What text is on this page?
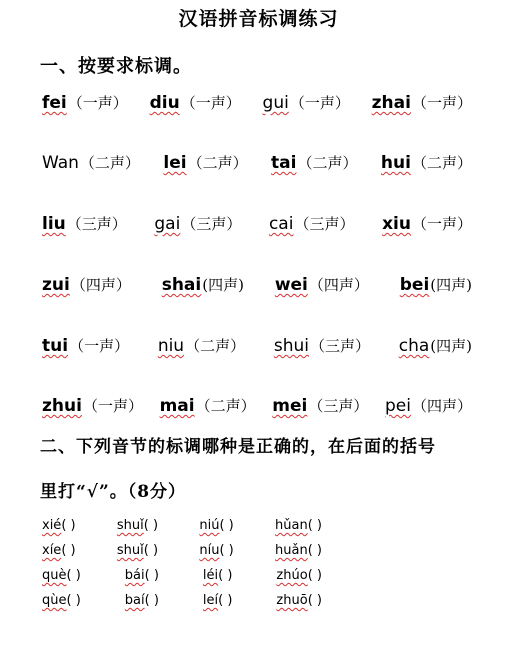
汉语拼音标调练习
一、按要求标调。
fei （一声） diu （一声） gui （一声） zhai （一声）
Wan （二声） lei （二声） tai （二声） hui （二声）
liu （三声） gai （三声） cai （三声） xiu （一声）
zui （四声） shai (四声) wei （四声） bei (四声)
tui （一声） niu （二声） shui （三声） cha (四声)
zhui （一声） mai （二声） mei （三声） pei （四声）
二、下列音节的标调哪种是正确的，在后面的括号
里打“√”。（8分）
xié( )	shuǐ( )	niú( )	hǔan( )
xíe( )	shuǐ( )	níu( )	huǎn( )
què( )	bái( )	léi( )	zhúo( )
qùe( )	baí( )	leí( )	zhuō( )
